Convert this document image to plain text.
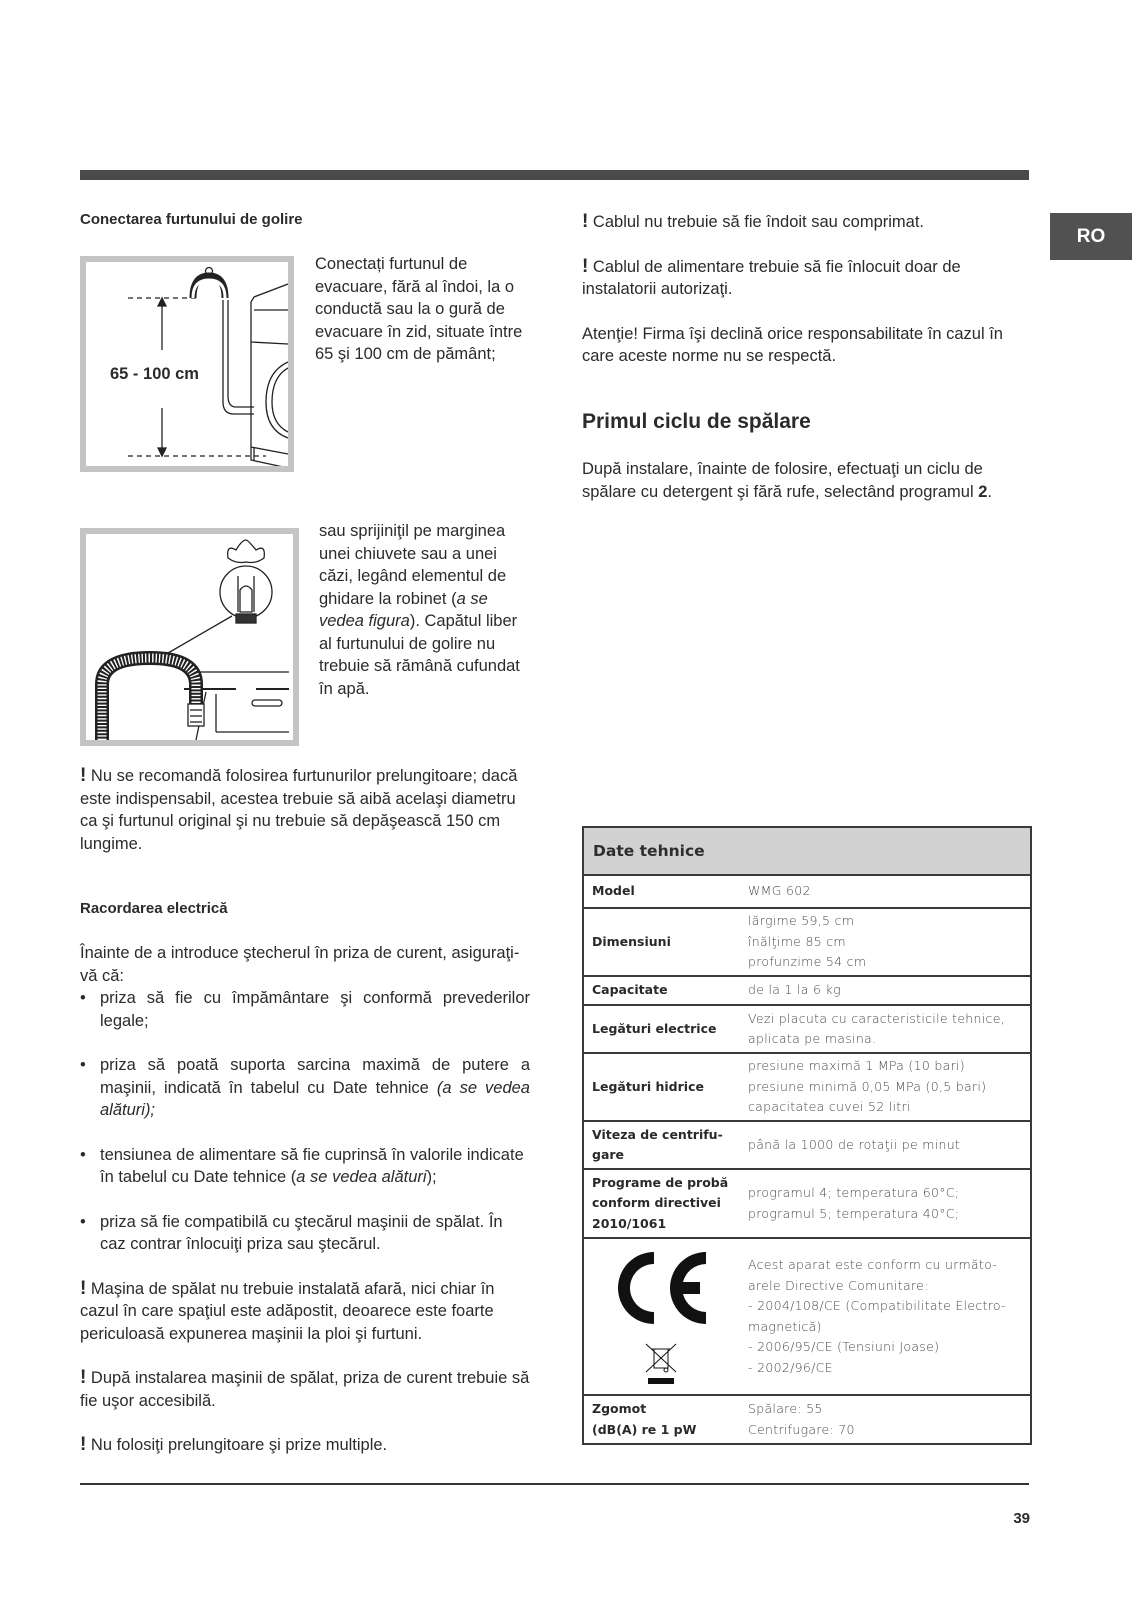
RO
Conectarea furtunului de golire
65 - 100 cm
Conectați furtunul de evacuare, fără al îndoi, la o conductă sau la o gură de evacuare în zid, situate între 65 şi 100 cm de pământ;
sau sprijiniţil pe marginea unei chiuvete sau a unei căzi, legând elementul de ghidare la robinet (a se vedea figura). Capătul liber al furtunului de golire nu trebuie să rămână cufundat în apă.
! Nu se recomandă folosirea furtunurilor prelungitoare; dacă este indispensabil, acestea trebuie să aibă acelaşi diametru ca şi furtunul original şi nu trebuie să depăşească 150 cm lungime.
Racordarea electrică
Înainte de a introduce ştecherul în priza de curent, asiguraţi-vă că:
• priza să fie cu împământare şi conformă prevederilor legale;
• priza să poată suporta sarcina maximă de putere a maşinii, indicată în tabelul cu Date tehnice (a se vedea alături);
• tensiunea de alimentare să fie cuprinsă în valorile indicate în tabelul cu Date tehnice (a se vedea alături);
• priza să fie compatibilă cu ştecărul maşinii de spălat. În caz contrar înlocuiţi priza sau ştecărul.
! Maşina de spălat nu trebuie instalată afară, nici chiar în cazul în care spaţiul este adăpostit, deoarece este foarte periculoasă expunerea maşinii la ploi şi furtuni.
! După instalarea maşinii de spălat, priza de curent trebuie să fie uşor accesibilă.
! Nu folosiţi prelungitoare şi prize multiple.
! Cablul nu trebuie să fie îndoit sau comprimat.
! Cablul de alimentare trebuie să fie înlocuit doar de instalatorii autorizaţi.
Atenţie! Firma îşi declină orice responsabilitate în cazul în care aceste norme nu se respectă.
Primul ciclu de spălare
După instalare, înainte de folosire, efectuaţi un ciclu de spălare cu detergent şi fără rufe, selectând programul 2.
Date tehnice
Model	WMG 602
Dimensiuni
lărgime 59,5 cm
înălţime 85 cm
profunzime 54 cm
Capacitate	de la 1 la 6 kg
Legături electrice
Vezi placuta cu caracteristicile tehnice,
aplicata pe masina.
Legături hidrice
presiune maximă 1 MPa (10 bari)
presiune minimă 0,05 MPa (0,5 bari)
capacitatea cuvei 52 litri
Viteza de centrifu-
gare
până la 1000 de rotaţii pe minut
Programe de probă
conform directivei
2010/1061
programul 4; temperatura 60°C;
programul 5; temperatura 40°C;
Acest aparat este conform cu următo-
arele Directive Comunitare:
- 2004/108/CE (Compatibilitate Electro-
magnetică)
- 2006/95/CE (Tensiuni Joase)
- 2002/96/CE
Zgomot
(dB(A) re 1 pW
Spălare: 55
Centrifugare: 70
39
